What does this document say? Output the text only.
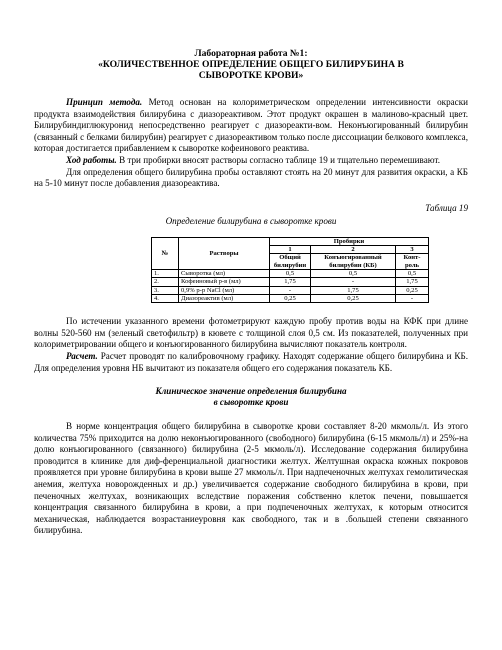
Лабораторная работа №1:
«КОЛИЧЕСТВЕННОЕ ОПРЕДЕЛЕНИЕ ОБЩЕГО БИЛИРУБИНА В
СЫВОРОТКЕ КРОВИ»

Принцип метода. Метод основан на колориметрическом определении интенсивности окраски продукта взаимодействия билирубина с диазореактивом. Этот продукт окрашен в малиново-красный цвет. Билирубиндиглюкуронид непосредственно реагирует с диазореакти-вом. Неконъюгированный билирубин (связанный с белками билирубин) реагирует с диазореактивом только после диссоциации белкового комплекса, которая достигается прибавлением к сыворотке кофеинового реактива.

Ход работы. В три пробирки вносят растворы согласно таблице 19 и тщательно перемешивают.

Для определения общего билирубина пробы оставляют стоять на 20 минут для развития окраски, а КБ на 5-10 минут после добавления диазореактива.

Таблица 19
Определение билирубина в сыворотке крови
№	Растворы	Пробирки		
		1	2	3
		Общий билирубин	Конъюгированный билирубин (КБ)	Конт-роль
1.	Сыворотка (мл)	0,5	0,5	0,5
2.	Кофеиновый р-в (мл)	1,75	-	1,75
3.	0,9% р-р NaCl (мл)	-	1,75	0,25
4.	Диазореактив (мл)	0,25	0,25	-

По истечении указанного времени фотометрируют каждую пробу против воды на КФК при длине волны 520-560 нм (зеленый светофильтр) в кювете с толщиной слоя 0,5 см. Из показателей, полученных при колориметрировании общего и конъюгированного билирубина вычисляют показатель контроля.

Расчет. Расчет проводят по калибровочному графику. Находят содержание общего билирубина и КБ. Для определения уровня НБ вычитают из показателя общего его содержания показатель КБ.

Клиническое значение определения билирубина
в сыворотке крови

В норме концентрация общего билирубина в сыворотке крови составляет 8-20 мкмоль/л. Из этого количества 75% приходится на долю неконъюгированного (свободного) билирубина (6-15 мкмоль/л) и 25%-на долю конъюгированного (связанного) билирубина (2-5 мкмоль/л). Исследование содержания билирубина проводится в клинике для диф-ференциальной диагностики желтух. Желтушная окраска кожных покровов проявляется при уровне билирубина в крови выше 27 мкмоль/л. При надпеченочных желтухах гемолитическая анемия, желтуха новорожденных и др.) увеличивается содержание свободного билирубина в крови, при печеночных желтухах, возникающих вследствие поражения собственно клеток печени, повышается концентрация связанного билирубина в крови, а при подпеченочных желтухах, к которым относится механическая, наблюдается возрастаниеуровня как свободного, так и в .большей степени связанного билирубина.
